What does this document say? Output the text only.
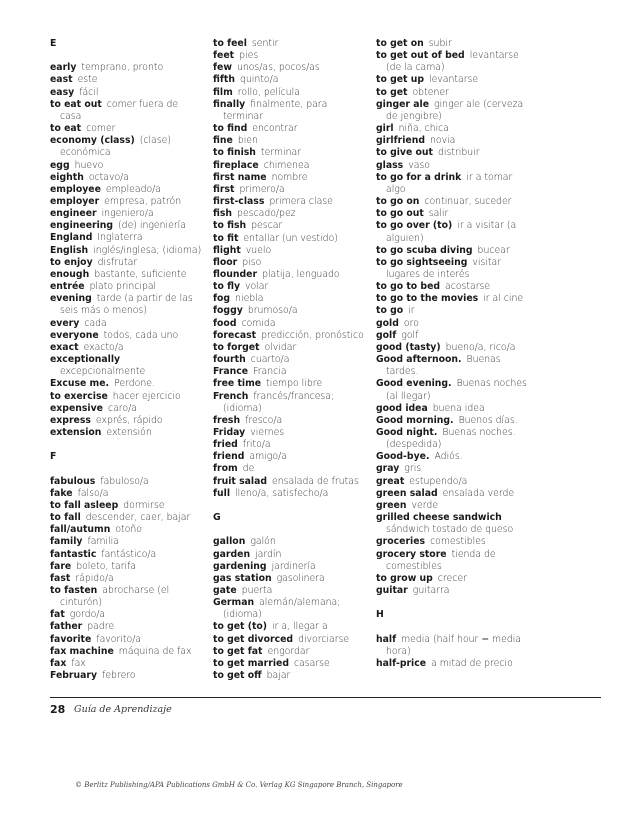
E
early temprano, pronto
east este
easy fácil
to eat out comer fuera de casa
to eat comer
economy (class) (clase) económica
egg huevo
eighth octavo/a
employee empleado/a
employer empresa, patrón
engineer ingeniero/a
engineering (de) ingeniería
England Inglaterra
English inglés/inglesa; (idioma)
to enjoy disfrutar
enough bastante, suficiente
entrée plato principal
evening tarde (a partir de las seis más o menos)
every cada
everyone todos, cada uno
exact exacto/a
exceptionallyexcepcionalmente
Excuse me. Perdone.
to exercise hacer ejercicio
expensive caro/a
express exprés, rápido
extension extensión
F
fabulous fabuloso/a
fake falso/a
to fall asleep dormirse
to fall descender, caer, bajar
fall/autumn otoño
family familia
fantastic fantástico/a
fare boleto, tarifa
fast rápido/a
to fasten abrocharse (el cinturón)
fat gordo/a
father padre
favorite favorito/a
fax machine máquina de fax
fax fax
February febrero
to feel sentir
feet pies
few unos/as, pocos/as
fifth quinto/a
film rollo, película
finally finalmente, para terminar
to find encontrar
fine bien
to finish terminar
fireplace chimenea
first name nombre
first primero/a
first-class primera clase
fish pescado/pez
to fish pescar
to fit entallar (un vestido)
flight vuelo
floor piso
flounder platija, lenguado
to fly volar
fog niebla
foggy brumoso/a
food comida
forecast predicción, pronóstico
to forget olvidar
fourth cuarto/a
France Francia
free time tiempo libre
French francés/francesa; (idioma)
fresh fresco/a
Friday viernes
fried frito/a
friend amigo/a
from de
fruit salad ensalada de frutas
full lleno/a, satisfecho/a
G
gallon galón
garden jardín
gardening jardinería
gas station gasolinera
gate puerta
German alemán/alemana; (idioma)
to get (to) ir a, llegar a
to get divorced divorciarse
to get fat engordar
to get married casarse
to get off bajar
to get on subir
to get out of bed levantarse (de la cama)
to get up levantarse
to get obtener
ginger ale ginger ale (cerveza de jengibre)
girl niña, chica
girlfriend novia
to give out distribuir
glass vaso
to go for a drink ir a tomar algo
to go on continuar, suceder
to go out salir
to go over (to) ir a visitar (a alguien)
to go scuba diving bucear
to go sightseeing visitar lugares de interés
to go to bed acostarse
to go to the movies ir al cine
to go ir
gold oro
golf golf
good (tasty) bueno/a, rico/a
Good afternoon. Buenas tardes.
Good evening. Buenas noches (al llegar)
good idea buena idea
Good morning. Buenos días.
Good night. Buenas noches. (despedida)
Good-bye. Adiós.
gray gris
great estupendo/a
green salad ensalada verde
green verde
grilled cheese sandwichsándwich tostado de queso
groceries comestibles
grocery store tienda de comestibles
to grow up crecer
guitar guitarra
H
half media (half hour = media hora)
half-price a mitad de precio
28 Guía de Aprendizaje
© Berlitz Publishing/APA Publications GmbH & Co. Verlag KG Singapore Branch, Singapore
